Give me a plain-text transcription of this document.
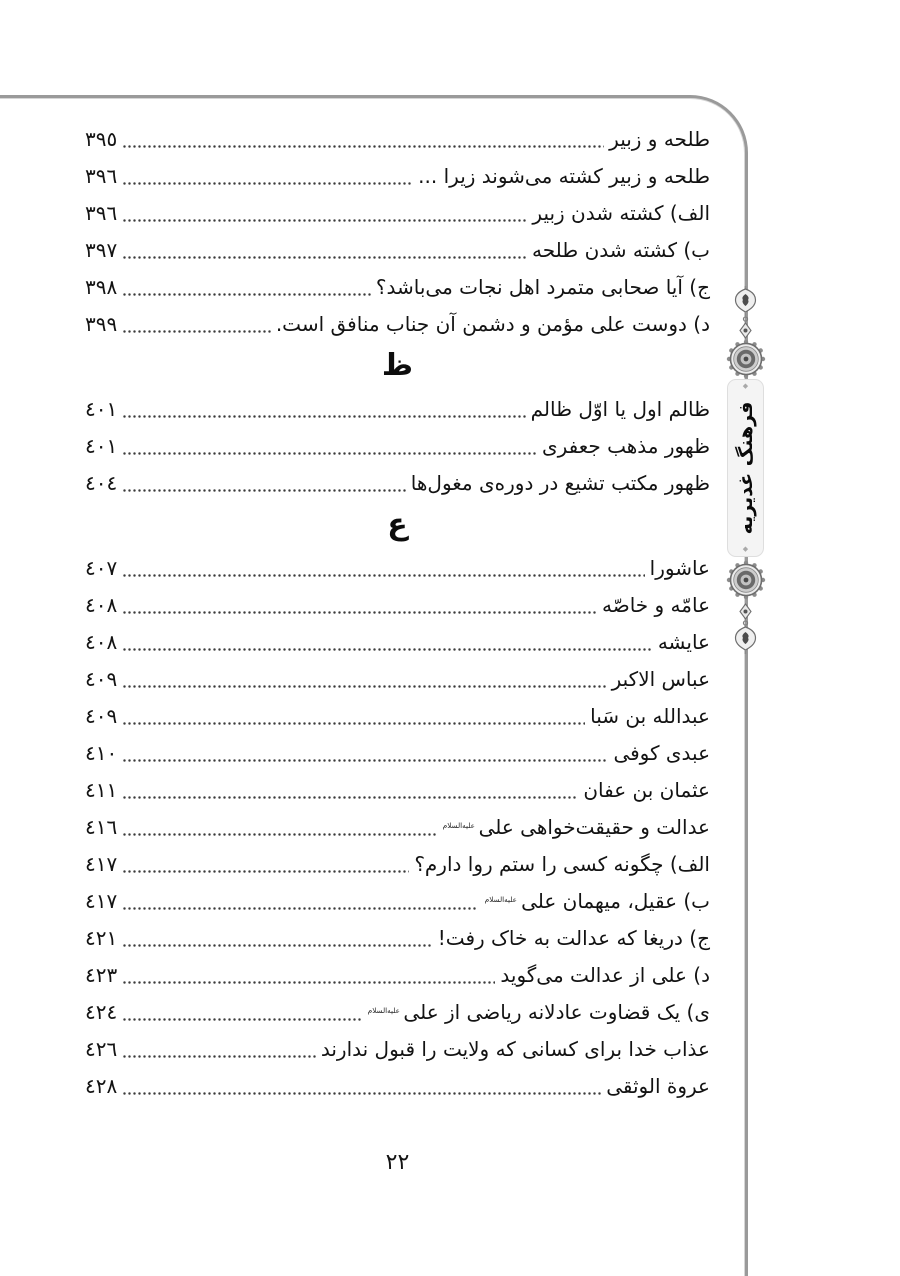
طلحه و زبیر
٣٩٥
طلحه و زبیر کشته می‌شوند زیرا ...
٣٩٦
الف) کشته شدن زبیر
٣٩٦
ب) کشته شدن طلحه
٣٩٧
ج) آیا صحابی متمرد اهل نجات می‌باشد؟
٣٩٨
د) دوست علی مؤمن و دشمن آن جناب منافق است.
٣٩٩
ظ
ظالم اول یا اوّل ظالم
٤٠١
ظهور مذهب جعفری
٤٠١
ظهور مکتب تشیع در دوره‌ی مغول‌ها
٤٠٤
ع
عاشورا
٤٠٧
عامّه و خاصّه
٤٠٨
عایشه
٤٠٨
عباس الاکبر
٤٠٩
عبدالله بن سَبا
٤٠٩
عبدی کوفی
٤١٠
عثمان بن عفان
٤١١
عدالت و حقیقت‌خواهی علیعلیه‌السلام
٤١٦
الف) چگونه کسی را ستم روا دارم؟
٤١٧
ب) عقیل، میهمان علیعلیه‌السلام
٤١٧
ج) دریغا که عدالت به خاک رفت!
٤٢١
د) علی از عدالت می‌گوید
٤٢٣
ی) یک قضاوت عادلانه ریاضی از علیعلیه‌السلام
٤٢٤
عذاب خدا برای کسانی که ولایت را قبول ندارند
٤٢٦
عروة الوثقی
٤٢٨
٢٢
◆
فرهنگ غدیریه
◆
